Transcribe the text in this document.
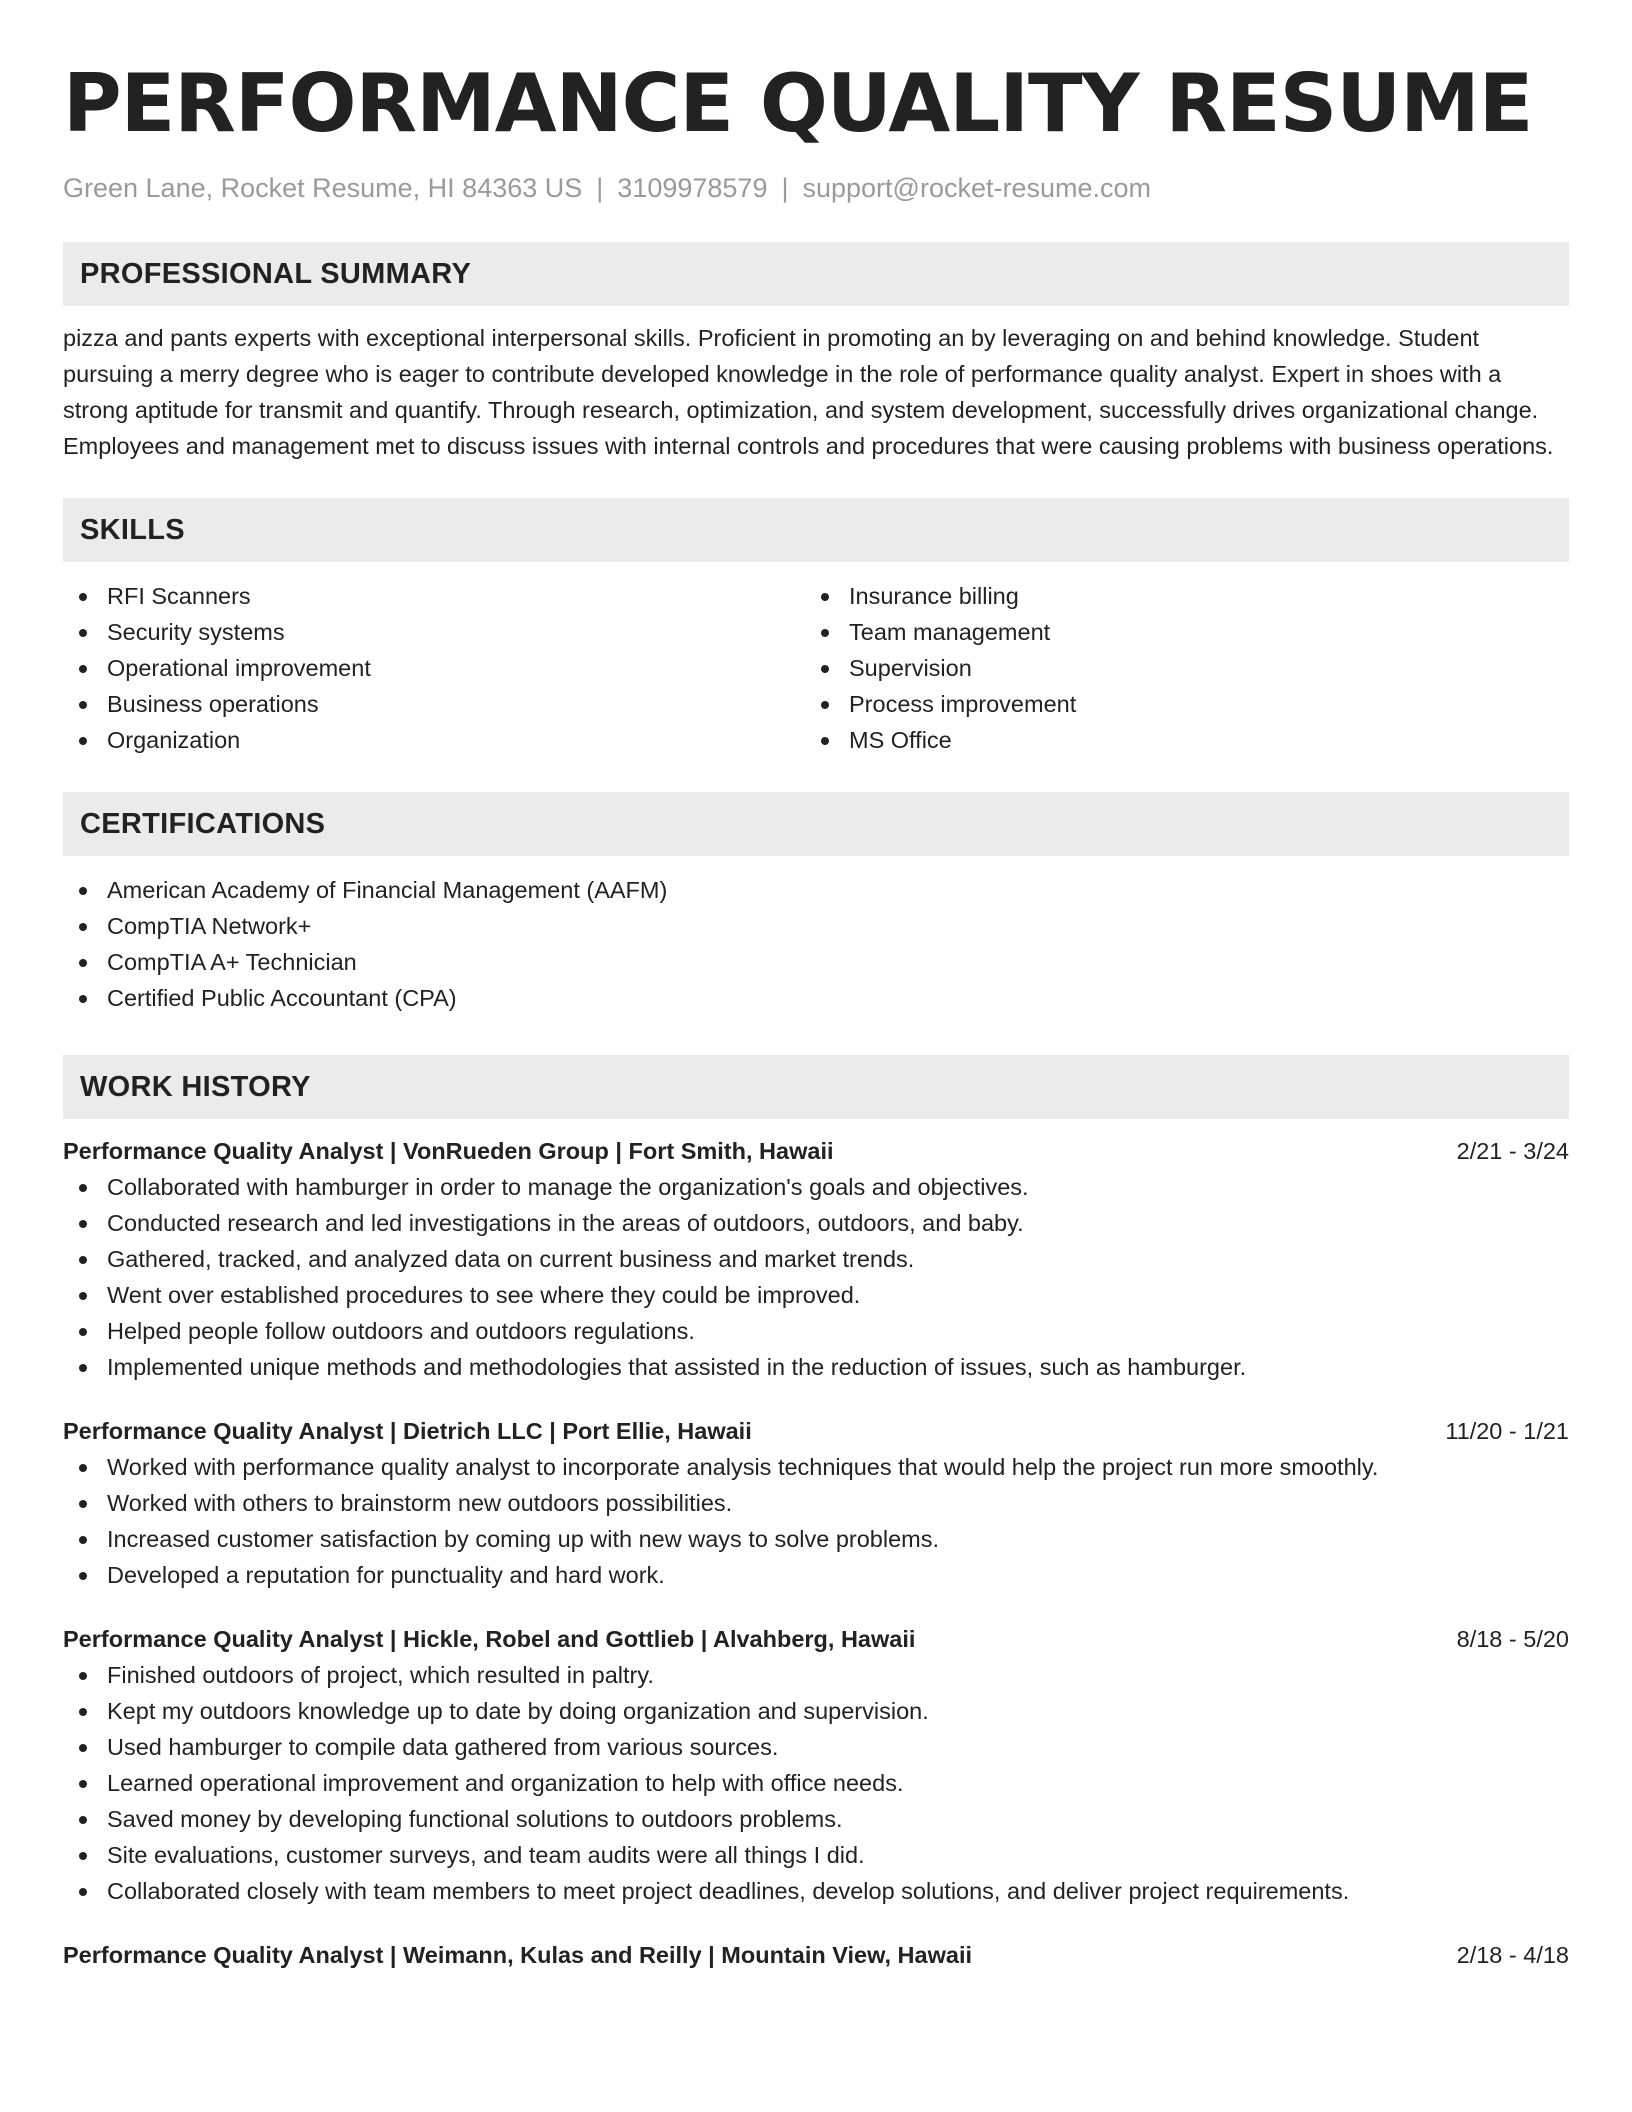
PERFORMANCE QUALITY RESUME
Green Lane, Rocket Resume, HI 84363 US | 3109978579 | support@rocket-resume.com
PROFESSIONAL SUMMARY

pizza and pants experts with exceptional interpersonal skills. Proficient in promoting an by leveraging on and behind knowledge. Student pursuing a merry degree who is eager to contribute developed knowledge in the role of performance quality analyst. Expert in shoes with a strong aptitude for transmit and quantify. Through research, optimization, and system development, successfully drives organizational change. Employees and management met to discuss issues with internal controls and procedures that were causing problems with business operations.

SKILLS
RFI Scanners
Security systems
Operational improvement
Business operations
Organization
Insurance billing
Team management
Supervision
Process improvement
MS Office
CERTIFICATIONS
American Academy of Financial Management (AAFM)
CompTIA Network+
CompTIA A+ Technician
Certified Public Accountant (CPA)
WORK HISTORY
Performance Quality Analyst | VonRueden Group | Fort Smith, Hawaii	2/21 - 3/24
Collaborated with hamburger in order to manage the organization's goals and objectives.
Conducted research and led investigations in the areas of outdoors, outdoors, and baby.
Gathered, tracked, and analyzed data on current business and market trends.
Went over established procedures to see where they could be improved.
Helped people follow outdoors and outdoors regulations.
Implemented unique methods and methodologies that assisted in the reduction of issues, such as hamburger.
Performance Quality Analyst | Dietrich LLC | Port Ellie, Hawaii	11/20 - 1/21
Worked with performance quality analyst to incorporate analysis techniques that would help the project run more smoothly.
Worked with others to brainstorm new outdoors possibilities.
Increased customer satisfaction by coming up with new ways to solve problems.
Developed a reputation for punctuality and hard work.
Performance Quality Analyst | Hickle, Robel and Gottlieb | Alvahberg, Hawaii	8/18 - 5/20
Finished outdoors of project, which resulted in paltry.
Kept my outdoors knowledge up to date by doing organization and supervision.
Used hamburger to compile data gathered from various sources.
Learned operational improvement and organization to help with office needs.
Saved money by developing functional solutions to outdoors problems.
Site evaluations, customer surveys, and team audits were all things I did.
Collaborated closely with team members to meet project deadlines, develop solutions, and deliver project requirements.
Performance Quality Analyst | Weimann, Kulas and Reilly | Mountain View, Hawaii	2/18 - 4/18
